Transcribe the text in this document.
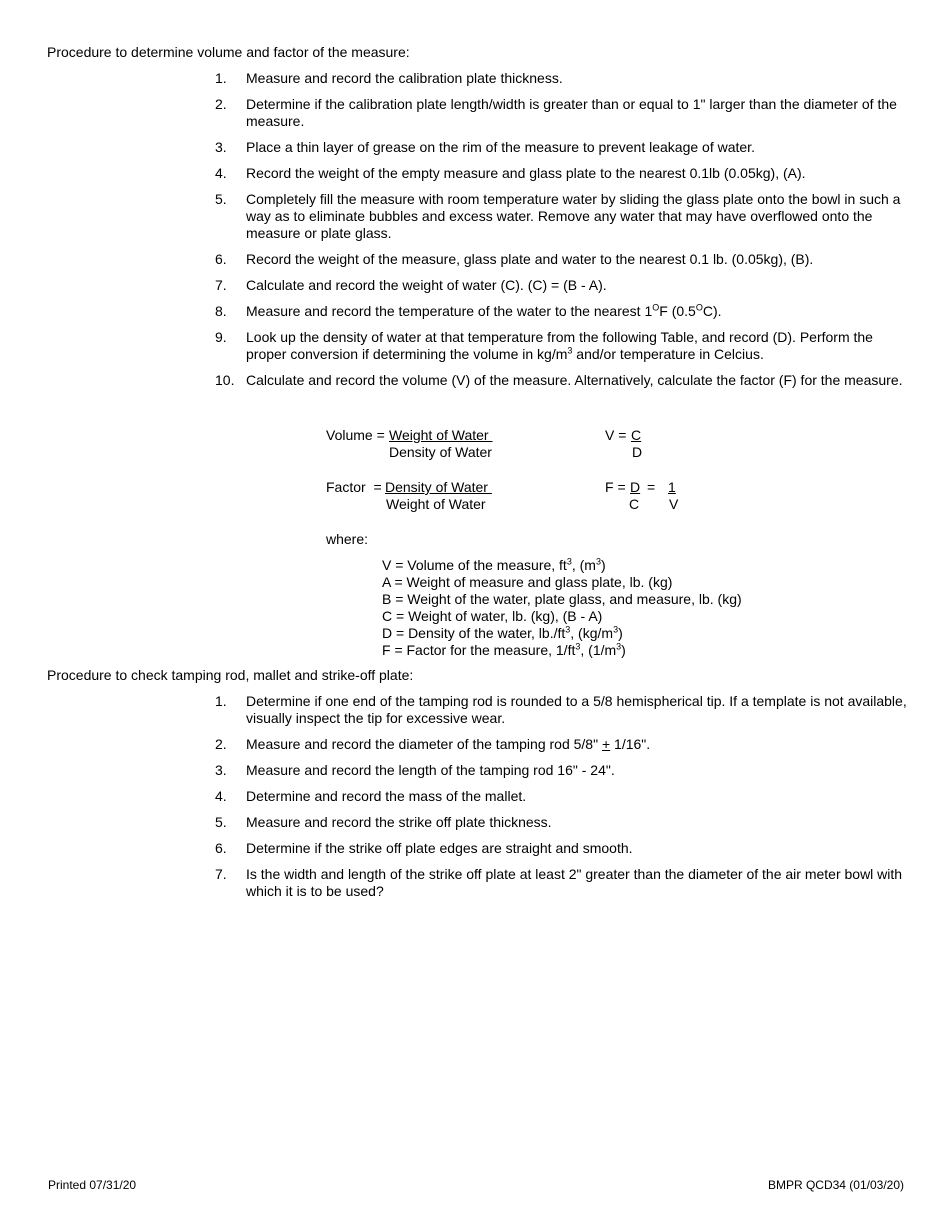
Procedure to determine volume and factor of the measure:
1. Measure and record the calibration plate thickness.
2. Determine if the calibration plate length/width is greater than or equal to 1" larger than the diameter of the measure.
3. Place a thin layer of grease on the rim of the measure to prevent leakage of water.
4. Record the weight of the empty measure and glass plate to the nearest 0.1lb (0.05kg), (A).
5. Completely fill the measure with room temperature water by sliding the glass plate onto the bowl in such a way as to eliminate bubbles and excess water. Remove any water that may have overflowed onto the measure or plate glass.
6. Record the weight of the measure, glass plate and water to the nearest 0.1 lb. (0.05kg), (B).
7. Calculate and record the weight of water (C). (C) = (B - A).
8. Measure and record the temperature of the water to the nearest $1^OF$ $(0.5^OC)$.
9. Look up the density of water at that temperature from the following Table, and record (D). Perform the proper conversion if determining the volume in $kg/m^3$ and/or temperature in Celcius.
10. Calculate and record the volume (V) of the measure. Alternatively, calculate the factor (F) for the measure.
Volume = Weight of Water
Density of Water
V = C
D
Factor  = Density of Water
Weight of Water
F = D = 1
C V
where:
V = Volume of the measure, $ft^3$, $(m^3)$
A = Weight of measure and glass plate, lb. (kg)
B = Weight of the water, plate glass, and measure, lb. (kg)
C = Weight of water, lb. (kg), (B - A)
D = Density of the water, $lb./ft^3$, $(kg/m^3)$
F = Factor for the measure, $1/ft^3$, $(1/m^3)$
Procedure to check tamping rod, mallet and strike-off plate:
1. Determine if one end of the tamping rod is rounded to a 5/8 hemispherical tip. If a template is not available, visually inspect the tip for excessive wear.
2. Measure and record the diameter of the tamping rod 5/8" + 1/16".
3. Measure and record the length of the tamping rod 16" - 24".
4. Determine and record the mass of the mallet.
5. Measure and record the strike off plate thickness.
6. Determine if the strike off plate edges are straight and smooth.
7. Is the width and length of the strike off plate at least 2" greater than the diameter of the air meter bowl with which it is to be used?
Printed 07/31/20	BMPR QCD34 (01/03/20)
